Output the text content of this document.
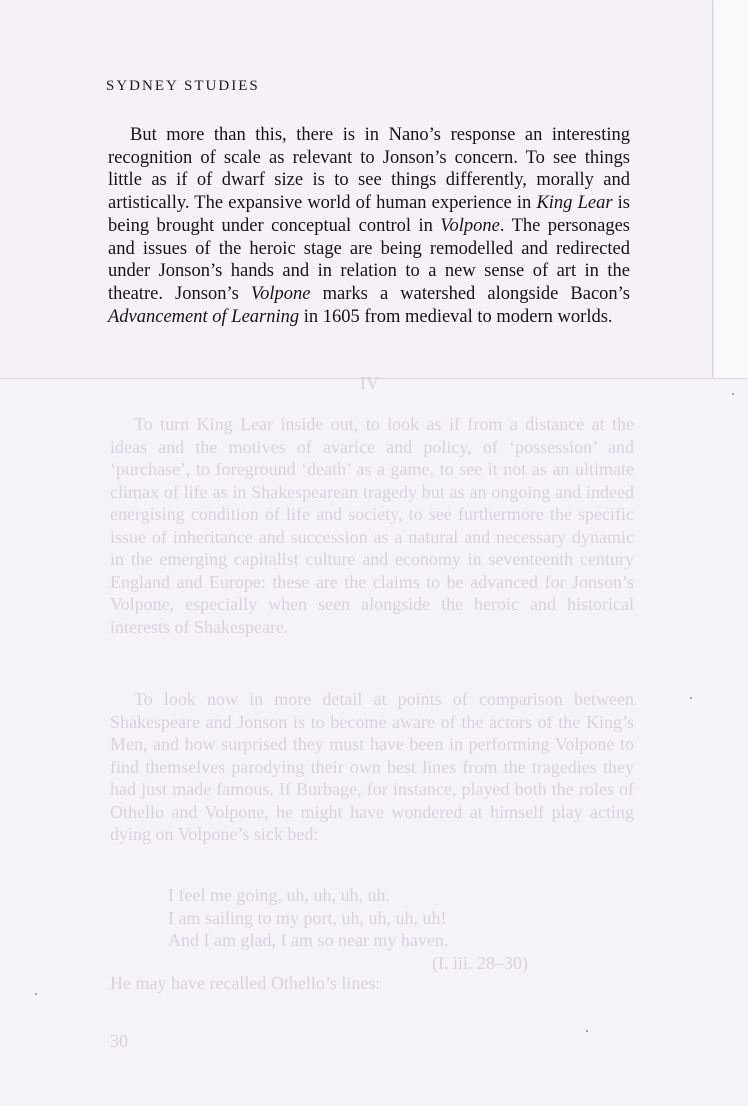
SYDNEY STUDIES

But more than this, there is in Nano’s response an interesting recognition of scale as relevant to Jonson’s concern. To see things little as if of dwarf size is to see things differently, morally and artistically. The expansive world of human experience in King Lear is being brought under conceptual control in Volpone. The personages and issues of the heroic stage are being remodelled and redirected under Jonson’s hands and in relation to a new sense of art in the theatre. Jonson’s Volpone marks a watershed alongside Bacon’s Advancement of Learning in 1605 from medieval to modern worlds.

IV

To turn King Lear inside out, to look as if from a distance at the ideas and the motives of avarice and policy, of ‘possession’ and ‘purchase’, to foreground ‘death’ as a game, to see it not as an ultimate climax of life as in Shakespearean tragedy but as an ongoing and indeed energising condition of life and society, to see furthermore the specific issue of inheritance and succession as a natural and necessary dynamic in the emerging capitalist culture and economy in seventeenth century England and Europe: these are the claims to be advanced for Jonson’s Volpone, especially when seen alongside the heroic and historical interests of Shakespeare.

To look now in more detail at points of comparison between Shakespeare and Jonson is to become aware of the actors of the King’s Men, and how surprised they must have been in performing Volpone to find themselves parodying their own best lines from the tragedies they had just made famous. If Burbage, for instance, played both the roles of Othello and Volpone, he might have wondered at himself play acting dying on Volpone’s sick bed:

I feel me going, uh, uh, uh, uh.
I am sailing to my port, uh, uh, uh, uh!
And I am glad, I am so near my haven.
(I. iii. 28–30)
He may have recalled Othello’s lines:
30
